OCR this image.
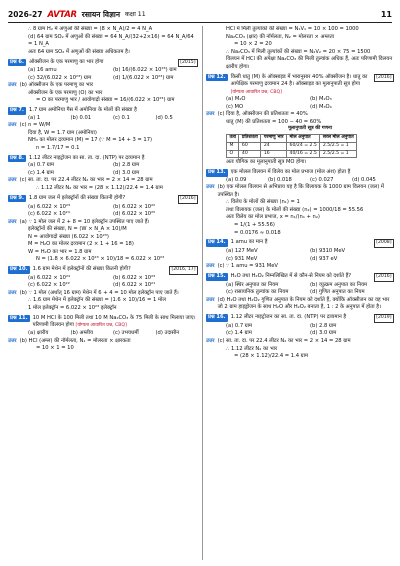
2026-27 AVTAR रसायन विज्ञान कक्षा 11	11
∴ 8 ग्राम H₂ में अणुओं की संख्या = (8 × N_A)/2 = 4 N_A
(d) 64 ग्राम SO₂ में अणुओं की संख्या = 64 N_A/(32+2×16) = 64 N_A/64 = 1 N_A
अतः 64 ग्राम SO₂ में अणुओं की संख्या अधिकतम है।
प्रश्न 6. ऑक्सीजन के एक परमाणु का भार होगा	[2015]
(a) 16 amu	(b) 16/(6.022 × 10²³) ग्राम
(c) 32/(6.022 × 10²³) ग्राम	(d) 1/(6.022 × 10²³) ग्राम
उत्तर (b) ऑक्सीजन के एक परमाणु का भार
ऑक्सीजन के एक परमाणु (O) का भार
= O का परमाणु भार / आवोगाद्रो संख्या = 16/(6.022 × 10²³) ग्राम
प्रश्न 7. 1.7 ग्राम अमोनिया गैस में अमोनिया के मोलों की संख्या है
(a) 1	(b) 0.01	(c) 0.1	(d) 0.5
उत्तर (c) n = W/M
दिया है, W = 1.7 ग्राम (अमोनिया)
NH₃ का मोलर द्रव्यमान (M) = 17 (∵ M = 14 + 3 = 17)
n = 1.7/17 = 0.1
प्रश्न 8. 1.12 लीटर नाइट्रोजन का सा. ता. दा. (NTP) पर द्रव्यमान है
(a) 0.7 ग्राम	(b) 2.8 ग्राम
(c) 1.4 ग्राम	(d) 3.0 ग्राम
उत्तर (c) सा. ता. दा. पर 22.4 लीटर N₂ का भार = 2 × 14 = 28 ग्राम
∴ 1.12 लीटर N₂ का भार = (28 × 1.12)/22.4 = 1.4 ग्राम
प्रश्न 9. 1.8 ग्राम जल में इलेक्ट्रॉनों की संख्या कितनी होगी?	[2016]
(a) 6.022 × 10²³	(b) 6.022 × 10²²
(c) 6.022 × 10²⁴	(d) 6.022 × 10²⁵
उत्तर (a) ∵ 1 मोल जल में 2 + 8 = 10 इलेक्ट्रॉन उपस्थित पाए जाते हैं।
इलेक्ट्रॉनों की संख्या, N = (W × N_A × 10)/M
N = आवोगाद्रो संख्या (6.022 × 10²³)
M = H₂O का मोलर द्रव्यमान (2 × 1 + 16 = 18)
W = H₂O का भार = 1.8 ग्राम
N = (1.8 × 6.022 × 10²³ × 10)/18 = 6.022 × 10²³
प्रश्न 10. 1.6 ग्राम मेथेन में इलेक्ट्रॉनों की संख्या कितनी होगी?	[2016, 17]
(a) 6.022 × 10²⁴	(b) 6.022 × 10²³
(c) 6.022 × 10²²	(d) 6.022 × 10²¹
उत्तर (b) ∵ 1 मोल (अर्थात् 16 ग्राम) मेथेन में 6 + 4 = 10 मोल इलेक्ट्रॉन पाए जाते हैं।
∴ 1.6 ग्राम मेथेन में इलेक्ट्रॉन की संख्या = (1.6 × 10)/16 = 1 मोल
1 मोल इलेक्ट्रॉन = 6.022 × 10²³ इलेक्ट्रॉन
प्रश्न 11. 10 M HCl के 100 मिली तथा 10 M Na₂CO₃ के 75 मिली के साथ मिलाया जाए। परिणामी विलयन होगा [योग्यता आधारित प्रश्न, CBQ]
(a) क्षारीय	(b) अम्लीय	(c) उभयधर्मी	(d) उदासीन
उत्तर (b) HCl (अम्ल) की नॉर्मलता, N₁ = मोलरता × क्षारकता
= 10 × 1 = 10
HCl में मिली तुल्यांकों की संख्या = N₁V₁ = 10 × 100 = 1000
Na₂CO₃ (क्षार) की नॉर्मलता, N₂ = मोलरता × अम्लता
= 10 × 2 = 20
∴ Na₂CO₃ में मिली तुल्यांकों की संख्या = N₂V₂ = 20 × 75 = 1500
विलयन में HCl की अपेक्षा Na₂CO₃ की मिली तुल्यांक अधिक हैं, अतः परिणामी विलयन क्षारीय होगा।
प्रश्न 12. किसी धातु (M) के ऑक्साइड में भारानुसार 40% ऑक्सीजन है। धातु का आपेक्षिक परमाणु द्रव्यमान 24 है। ऑक्साइड का मूलानुपाती सूत्र होगा [योग्यता आधारित प्रश्न, CBQ]
[2016]
(a) M₂O	(b) M₂O₃
(c) MO	(d) M₃O₄
उत्तर (c) दिया है, ऑक्सीजन की प्रतिशतता = 40%
धातु (M) की प्रतिशतता = 100 − 40 = 60%
मूलानुपाती सूत्र की गणना
तत्व	प्रतिशतता	परमाणु भार	मोल अनुपात	सरल मोल अनुपात
M	60	24	60/24 = 2.5	2.5/2.5 = 1
O	40	16	40/16 = 2.5	2.5/2.5 = 1
अतः यौगिक का मूलानुपाती सूत्र MO होगा।
प्रश्न 13. एक मोलल विलयन में विलेय का मोल प्रभाज (मोल अंश) होता है
(a) 0.09	(b) 0.018	(c) 0.027	(d) 0.045
उत्तर (b) एक मोलल विलयन से अभिप्राय यह है कि विलायक के 1000 ग्राम विलयन (जल) में उपस्थित है।
∴ विलेय के मोलों की संख्या (n₁) = 1
तथा विलायक (जल) के मोलों की संख्या (n₂) = 1000/18 = 55.56
अतः विलेय का मोल प्रभाज, x = n₁/(n₁ + n₂)
= 1/(1 + 55.56)
= 0.0176 ≈ 0.018
प्रश्न 14. 1 amu का मान है	[2008]
(a) 127 MeV	(b) 9310 MeV
(c) 931 MeV	(d) 937 eV
उत्तर (c) ∵ 1 amu = 931 MeV
प्रश्न 15. H₂O तथा H₂O₂ निम्नलिखित में से कौन-से नियम को दर्शाते हैं?	[2016]
(a) स्थिर अनुपात का नियम	(b) व्युत्क्रम अनुपात का नियम
(c) रासायनिक तुल्यांक का नियम	(d) गुणित अनुपात का नियम
उत्तर (d) H₂O तथा H₂O₂ गुणित अनुपात के नियम को दर्शाते हैं, क्योंकि ऑक्सीजन का वह भार जो 2 ग्राम हाइड्रोजन के साथ H₂O और H₂O₂ बनाता है, 1 : 2 के अनुपात में होता है।
प्रश्न 16. 1.12 लीटर नाइट्रोजन का सा. ता. दा. (NTP) पर द्रव्यमान है	[2019]
(a) 0.7 ग्राम	(b) 2.8 ग्राम
(c) 1.4 ग्राम	(d) 3.0 ग्राम
उत्तर (c) सा. ता. दा. पर 22.4 लीटर N₂ का भार = 2 × 14 = 28 ग्राम
∴ 1.12 लीटर N₂ का भार
= (28 × 1.12)/22.4 = 1.4 ग्राम
